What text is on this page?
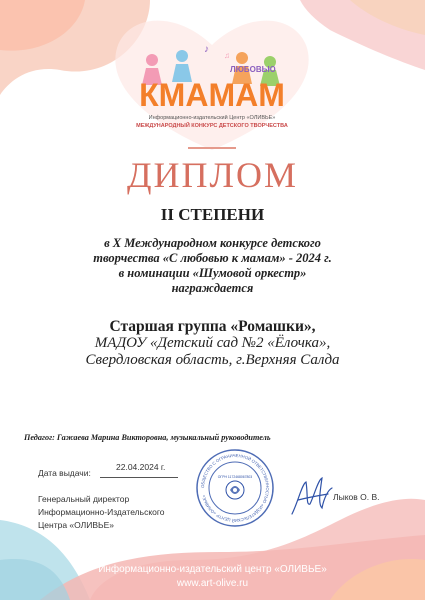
♪
♫
ЛЮБОВЬЮ
КМАМАМ
Информационно-издательский Центр «ОЛИВЬЕ»
МЕЖДУНАРОДНЫЙ КОНКУРС ДЕТСКОГО ТВОРЧЕСТВА
ДИПЛОМ
II СТЕПЕНИ
в X Международном конкурсе детского
творчества «С любовью к мамам» - 2024 г.
в номинации «Шумовой оркестр»
награждается
Старшая группа «Ромашки»,
МАДОУ «Детский сад №2 «Ёлочка»,
Свердловская область, г.Верхняя Салда
Педагог: Гажаева Марина Викторовна, музыкальный руководитель
Дата выдачи:
22.04.2024 г.
Генеральный директор
Информационно-Издательского
Центра «ОЛИВЬЕ»
ОБЩЕСТВО С ОГРАНИЧЕННОЙ ОТВЕТСТВЕННОСТЬЮ «ИЗДАТЕЛЬСКИЙ ЦЕНТР «ОЛИВЬЕ»
ОГРН 1172468067803
Лыков О. В.
Информационно-издательский центр «ОЛИВЬЕ»
www.art-olive.ru
